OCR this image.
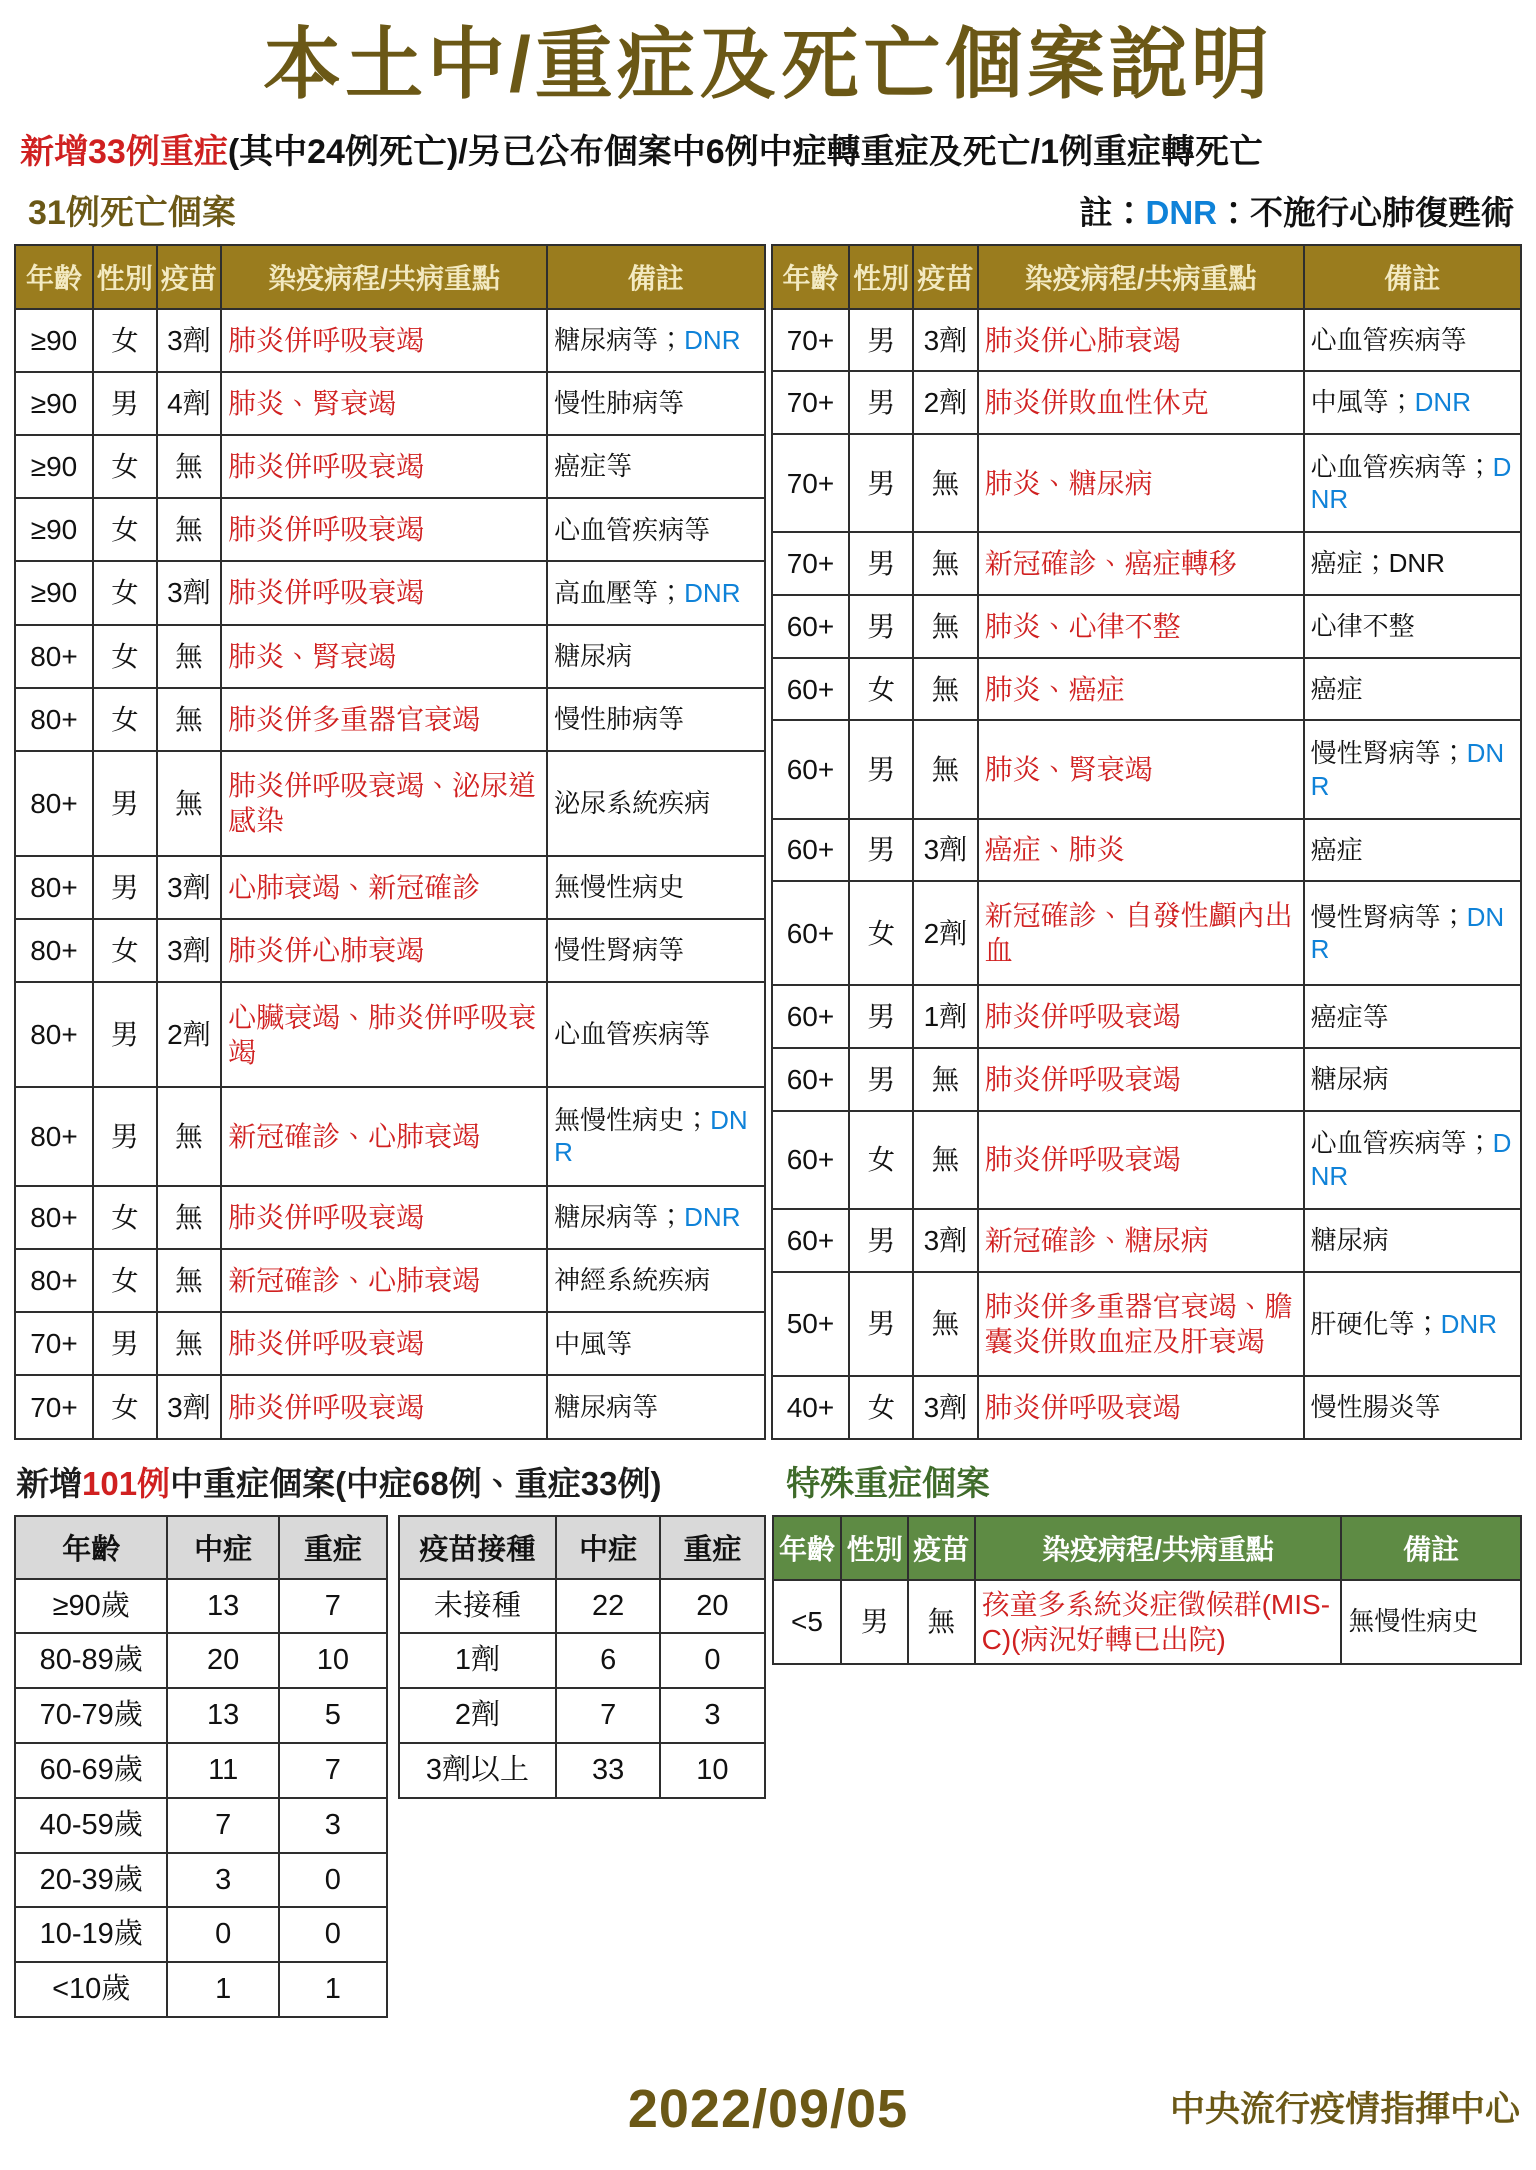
本土中/重症及死亡個案說明
新增33例重症(其中24例死亡)/另已公布個案中6例中症轉重症及死亡/1例重症轉死亡
31例死亡個案	註：DNR：不施行心肺復甦術
年齡	性別	疫苗	染疫病程/共病重點	備註
≥90	女	3劑	肺炎併呼吸衰竭	糖尿病等；DNR
≥90	男	4劑	肺炎、腎衰竭	慢性肺病等
≥90	女	無	肺炎併呼吸衰竭	癌症等
≥90	女	無	肺炎併呼吸衰竭	心血管疾病等
≥90	女	3劑	肺炎併呼吸衰竭	高血壓等；DNR
80+	女	無	肺炎、腎衰竭	糖尿病
80+	女	無	肺炎併多重器官衰竭	慢性肺病等
80+	男	無	肺炎併呼吸衰竭、泌尿道感染	泌尿系統疾病
80+	男	3劑	心肺衰竭、新冠確診	無慢性病史
80+	女	3劑	肺炎併心肺衰竭	慢性腎病等
80+	男	2劑	心臟衰竭、肺炎併呼吸衰竭	心血管疾病等
80+	男	無	新冠確診、心肺衰竭	無慢性病史；DNR
80+	女	無	肺炎併呼吸衰竭	糖尿病等；DNR
80+	女	無	新冠確診、心肺衰竭	神經系統疾病
70+	男	無	肺炎併呼吸衰竭	中風等
70+	女	3劑	肺炎併呼吸衰竭	糖尿病等
年齡	性別	疫苗	染疫病程/共病重點	備註
70+	男	3劑	肺炎併心肺衰竭	心血管疾病等
70+	男	2劑	肺炎併敗血性休克	中風等；DNR
70+	男	無	肺炎、糖尿病	心血管疾病等；DNR
70+	男	無	新冠確診、癌症轉移	癌症；DNR
60+	男	無	肺炎、心律不整	心律不整
60+	女	無	肺炎、癌症	癌症
60+	男	無	肺炎、腎衰竭	慢性腎病等；DNR
60+	男	3劑	癌症、肺炎	癌症
60+	女	2劑	新冠確診、自發性顱內出血	慢性腎病等；DNR
60+	男	1劑	肺炎併呼吸衰竭	癌症等
60+	男	無	肺炎併呼吸衰竭	糖尿病
60+	女	無	肺炎併呼吸衰竭	心血管疾病等；DNR
60+	男	3劑	新冠確診、糖尿病	糖尿病
50+	男	無	肺炎併多重器官衰竭、膽囊炎併敗血症及肝衰竭	肝硬化等；DNR
40+	女	3劑	肺炎併呼吸衰竭	慢性腸炎等
新增101例中重症個案(中症68例、重症33例)	特殊重症個案
年齡	中症	重症
≥90歲	13	7
80-89歲	20	10
70-79歲	13	5
60-69歲	11	7
40-59歲	7	3
20-39歲	3	0
10-19歲	0	0
<10歲	1	1
疫苗接種	中症	重症
未接種	22	20
1劑	6	0
2劑	7	3
3劑以上	33	10
年齡	性別	疫苗	染疫病程/共病重點	備註
<5	男	無	孩童多系統炎症徵候群(MIS-C)(病況好轉已出院)	無慢性病史
2022/09/05	中央流行疫情指揮中心
